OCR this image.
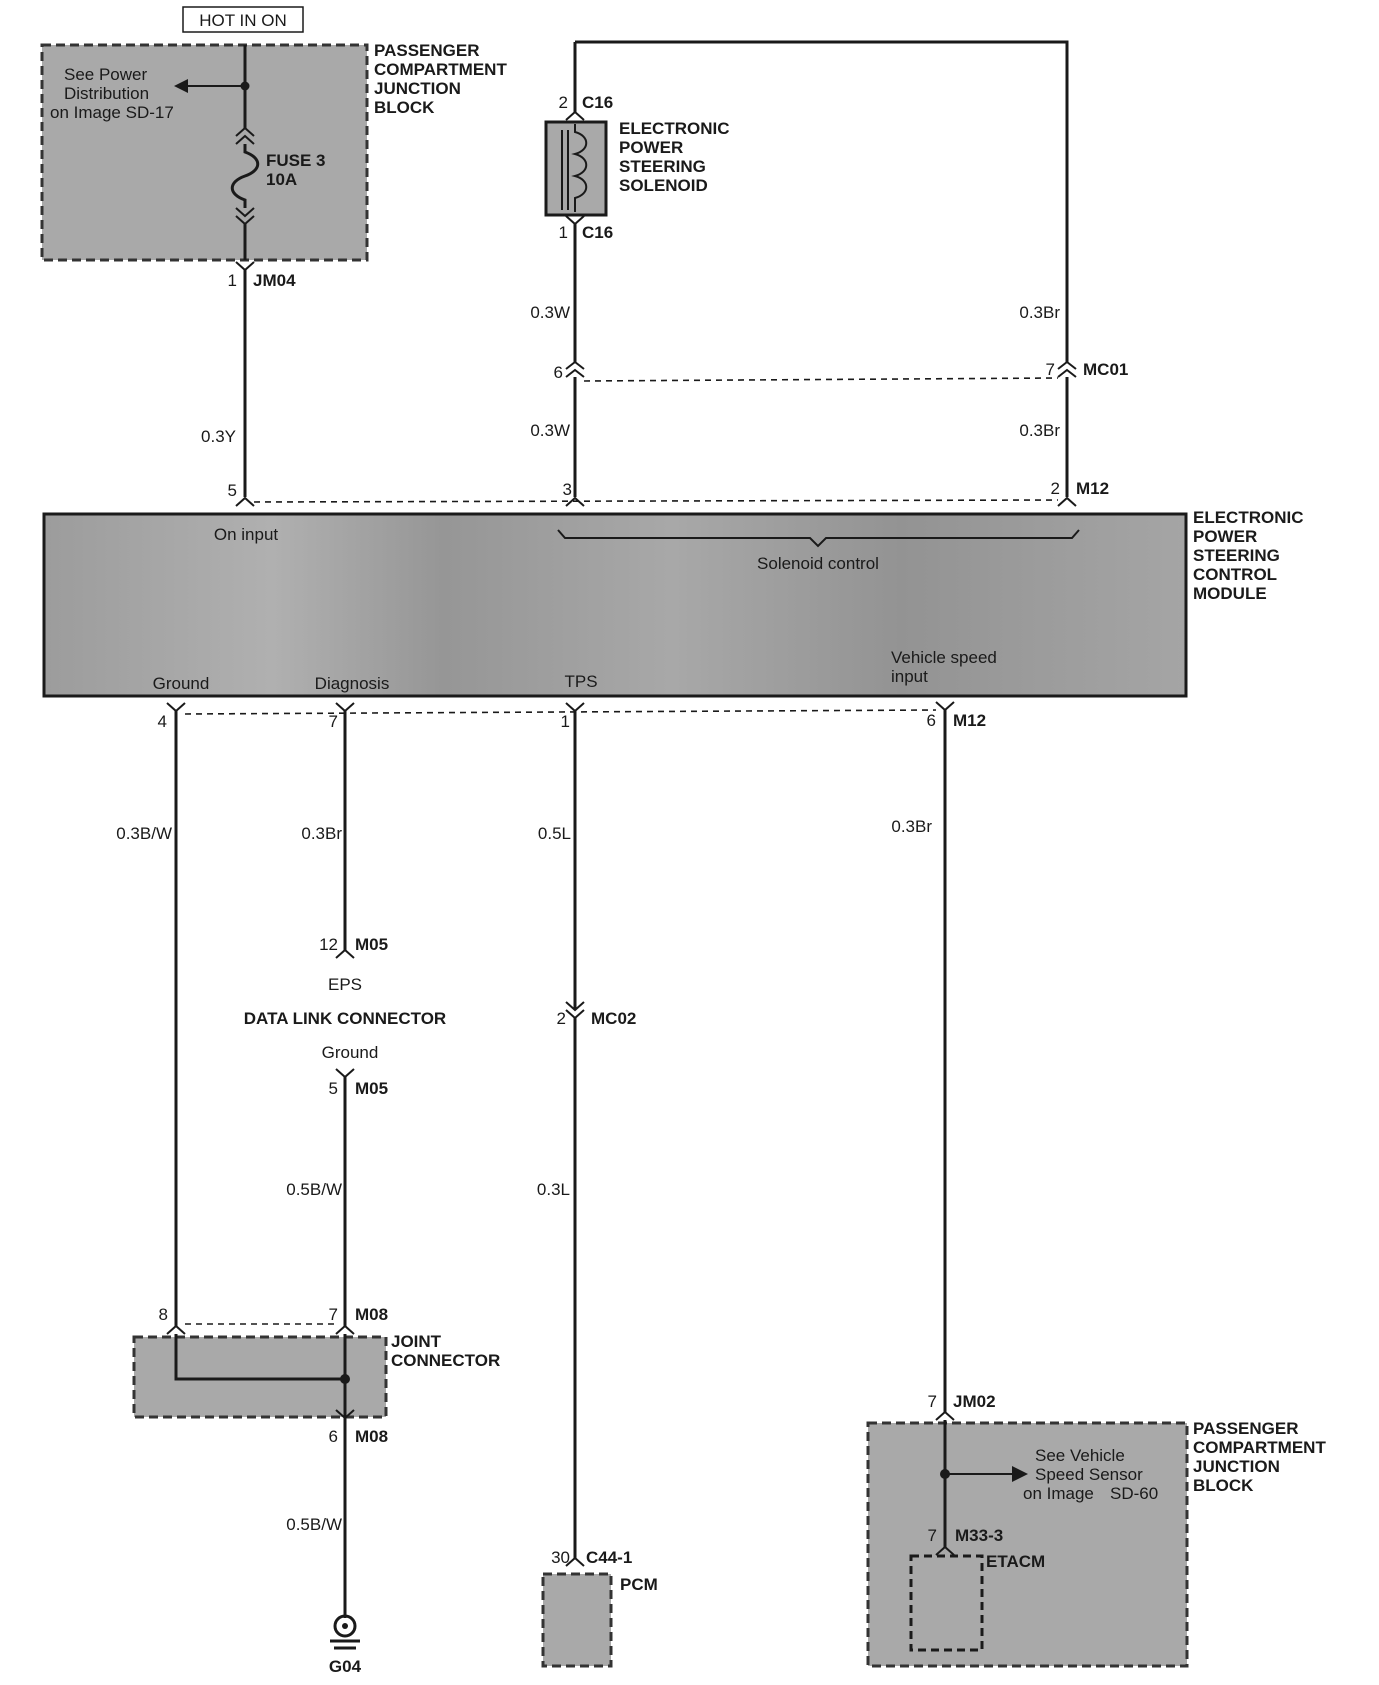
HOT IN ON
PASSENGER
COMPARTMENT
JUNCTION
BLOCK
See Power
Distribution
on Image SD-17
FUSE 3
10A
1 JM04
0.3Y
2 C16
ELECTRONIC
POWER
STEERING
SOLENOID
1 C16
0.3W
6	7 MC01
0.3Br
0.3W	0.3Br
5	3	2 M12
ELECTRONIC
POWER
STEERING
CONTROL
MODULE
On input
Solenoid control
Ground	Diagnosis	TPS
Vehicle speed
input
4	7	1	6 M12
0.3B/W	0.3Br
12 M05
EPS
DATA LINK CONNECTOR
Ground
5 M05
0.5B/W
8	7 M08
JOINT
CONNECTOR
6 M08
0.5B/W
G04
0.5L
2 MC02
0.3L
30 C44-1
PCM
0.3Br
7 JM02
PASSENGER
COMPARTMENT
JUNCTION
BLOCK
See Vehicle
Speed Sensor
on Image SD-60
7 M33-3
ETACM
